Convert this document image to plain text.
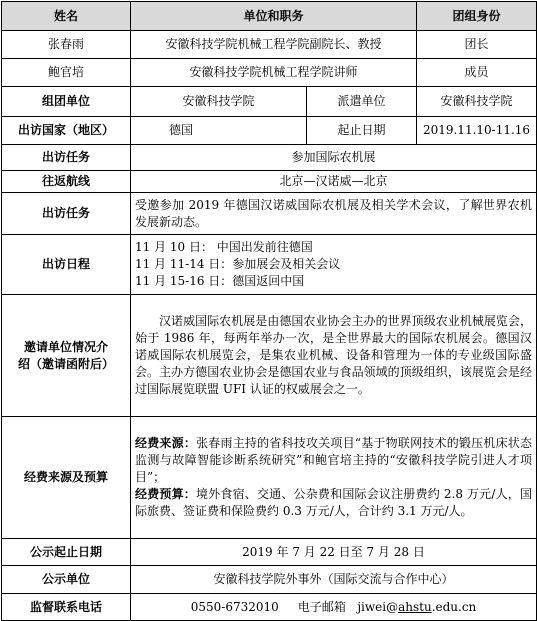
姓名	单位和职务		团组身份
张春雨	安徽科技学院机械工程学院副院长、教授		团长
鲍官培	安徽科技学院机械工程学院讲师		成员
组团单位	安徽科技学院	派遣单位	安徽科技学院
出访国家（地区）	德国	起止日期	2019.11.10-11.16
出访任务	参加国际农机展		
往返航线	北京—汉诺威—北京		
出访任务	受邀参加 2019 年德国汉诺威国际农机展及相关学术会议，了解世界农机发展新动态。		
出访日程	11 月 10 日： 中国出发前往德国
11 月 11-14 日：参加展会及相关会议
11 月 15-16 日：德国返回中国		

邀请单位情况介
绍（邀请函附后）	汉诺威国际农机展是由德国农业协会主办的世界顶级农业机械展览会，始于 1986 年，每两年举办一次，是全世界最大的国际农机展会。德国汉诺威国际农机展览会，是集农业机械、设备和管理为一体的专业级国际盛会。主办方德国农业协会是德国农业与食品领域的顶级组织，该展览会是经过国际展览联盟 UFI 认证的权威展会之一。		
经费来源及预算	经费来源：张春雨主持的省科技攻关项目“基于物联网技术的锻压机床状态监测与故障智能诊断系统研究”和鲍官培主持的“安徽科技学院引进人才项目”；
经费预算：境外食宿、交通、公杂费和国际会议注册费约 2.8 万元/人，国际旅费、签证费和保险费约 0.3 万元/人，合计约 3.1 万元/人。		

公示起止日期	2019 年 7 月 22 日至 7 月 28 日		
公示单位	安徽科技学院外事外（国际交流与合作中心）		
监督联系电话	0550-6732010 电子邮箱 jiwei@ahstu.edu.cn		
